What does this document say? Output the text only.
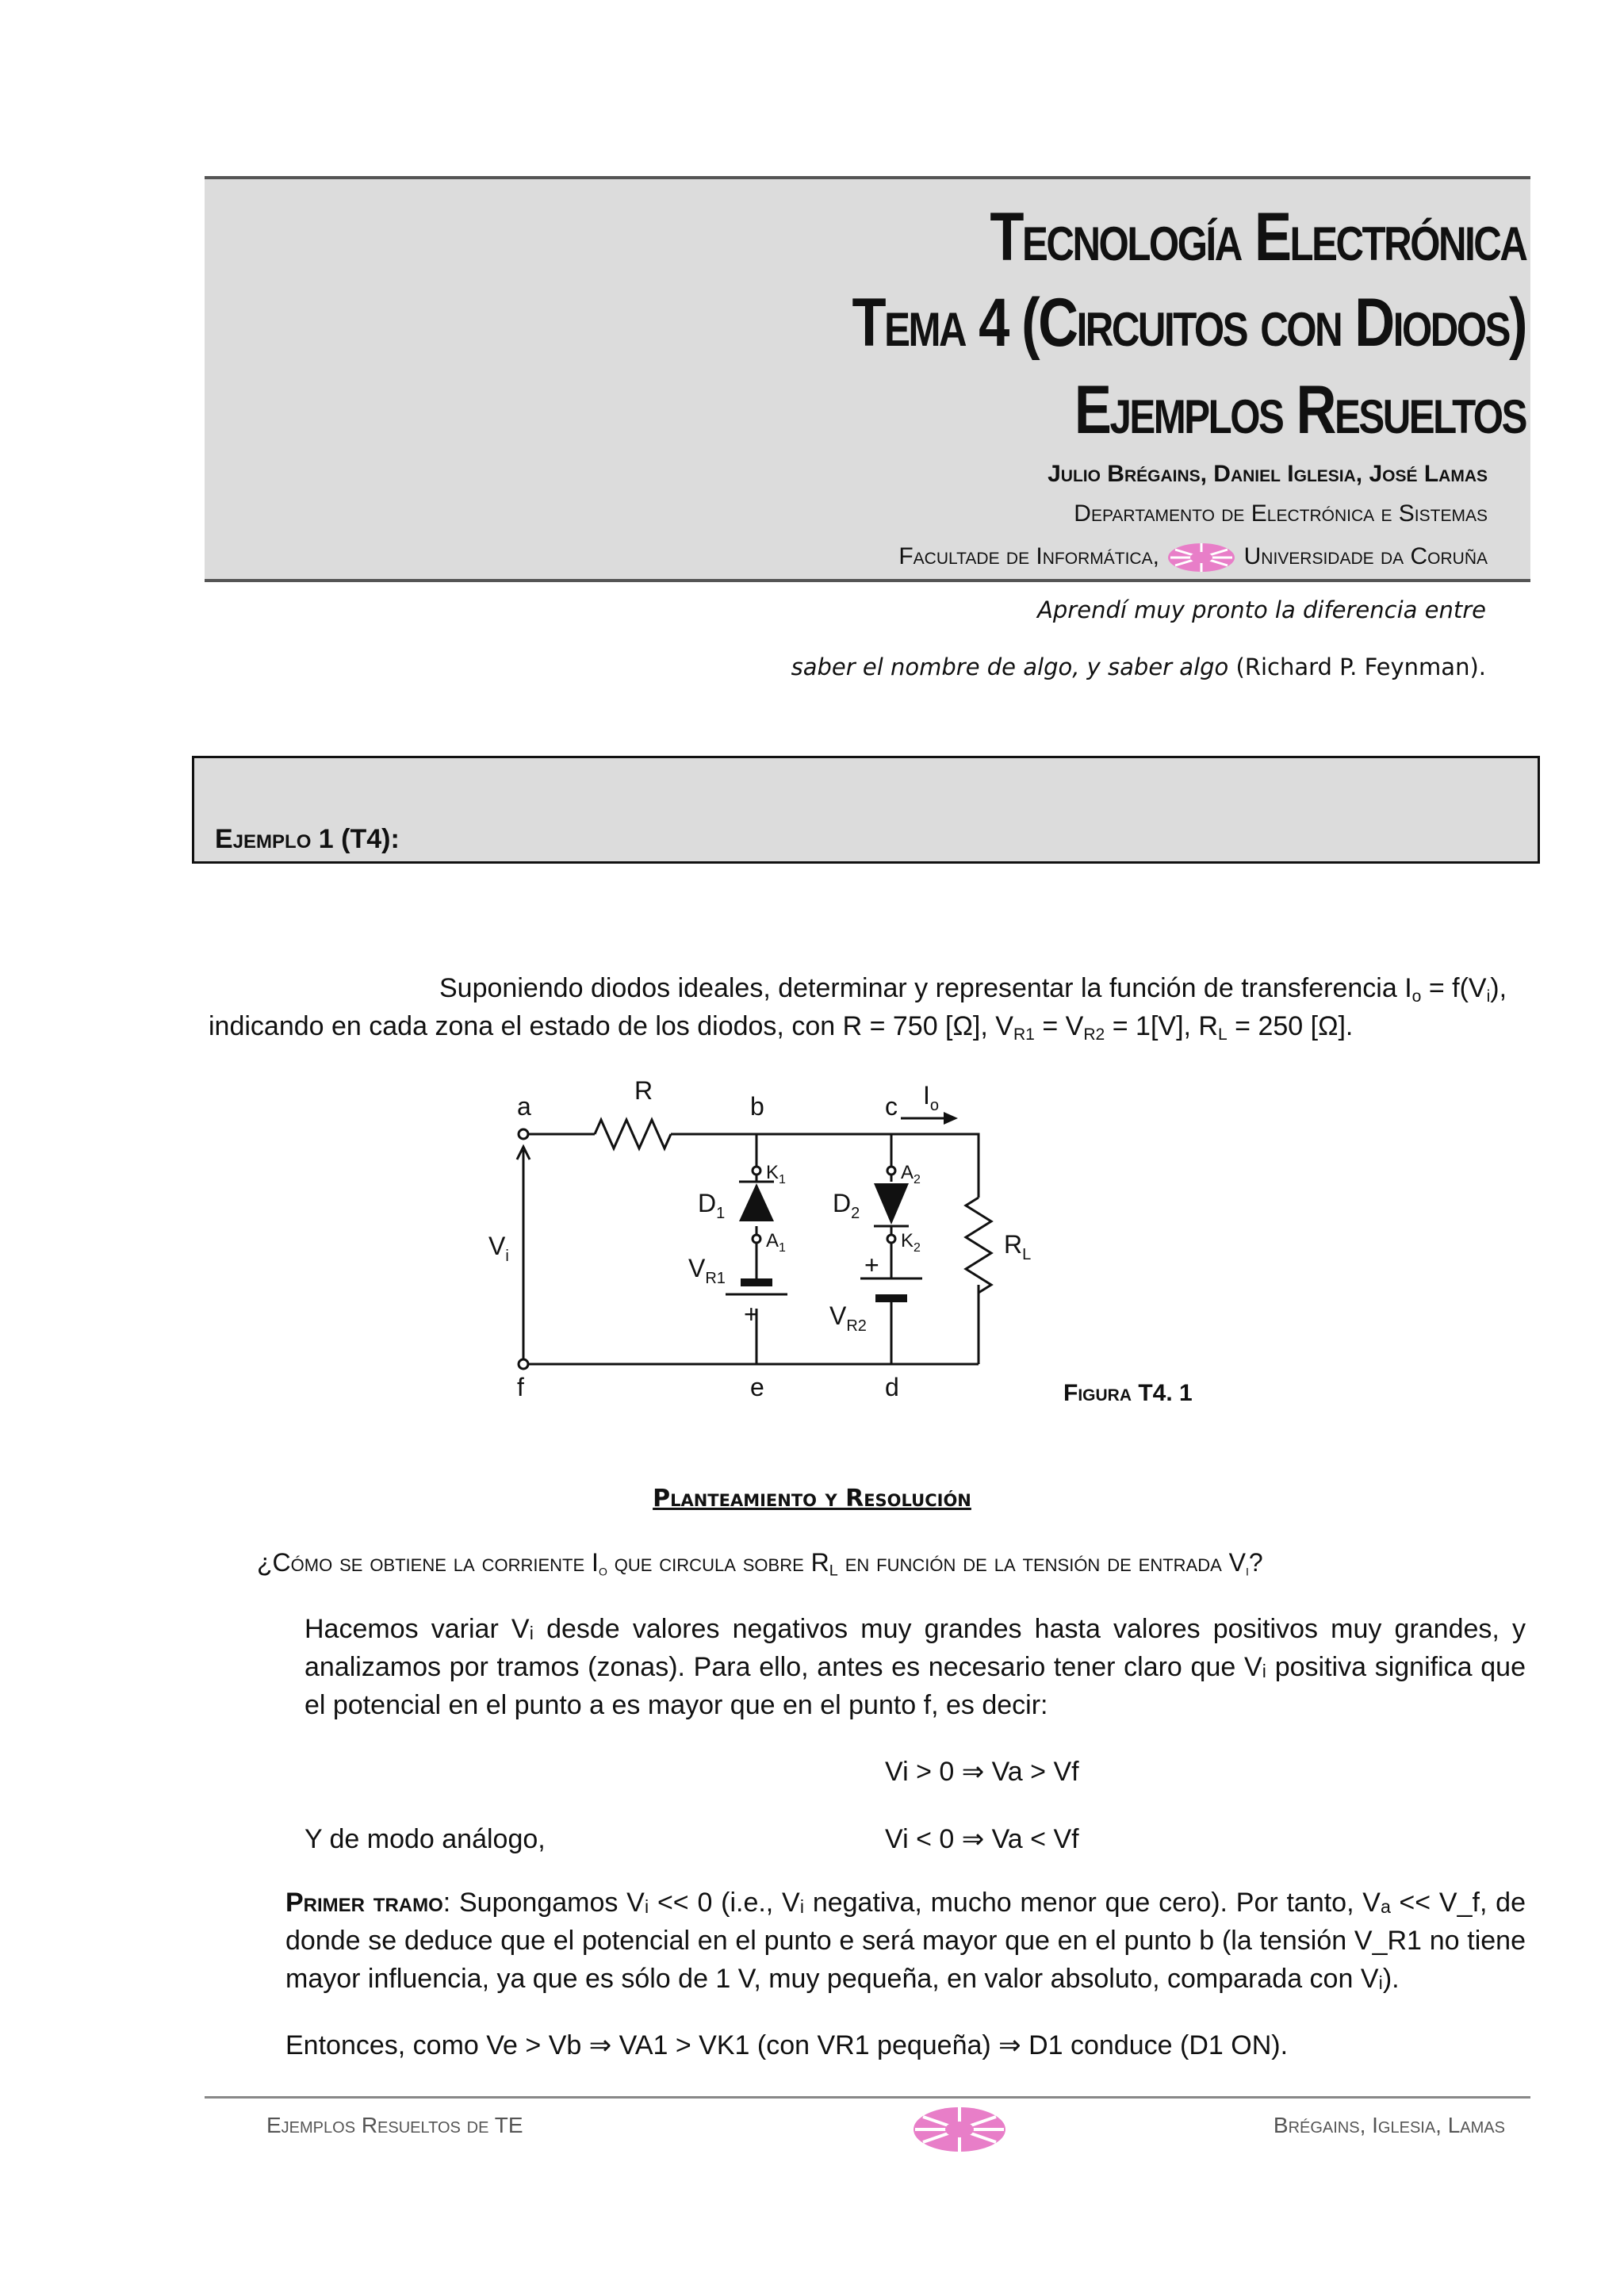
Tecnología Electrónica
Tema 4 (Circuitos con Diodos)
Ejemplos Resueltos
Julio Brégains, Daniel Iglesia, José Lamas
Departamento de Electrónica e Sistemas
Facultade de Informática,	Universidade da Coruña
Aprendí muy pronto la diferencia entre
saber el nombre de algo, y saber algo (Richard P. Feynman).
Ejemplo 1 (T4):
Suponiendo diodos ideales, determinar y representar la función de transferencia $I_o = f(V_i)$,
indicando en cada zona el estado de los diodos, con R = 750 [Ω], $V_{R1} = V_{R2} = 1[V]$, $R_L = 250$ [Ω].
a
f
b
e
c
d
R	$I_o$
$V_i$
$D_1$	$D_2$
$K_1$
$A_1$
$A_2$
$K_2$
$V_{R1}$
$V_{R2}$
+
+
$R_L$
Figura T4. 1
Planteamiento y Resolución
¿Cómo se obtiene la corriente $I_o$ que circula sobre $R_L$ en función de la tensión de entrada $V_i$?
Hacemos variar Vᵢ desde valores negativos muy grandes hasta valores positivos muy grandes, y analizamos por tramos (zonas). Para ello, antes es necesario tener claro que Vᵢ positiva significa que el potencial en el punto a es mayor que en el punto f, es decir:
Vi > 0 ⇒ Va > Vf
Y de modo análogo,	Vi < 0 ⇒ Va < Vf
Primer tramo: Supongamos Vᵢ << 0 (i.e., Vᵢ negativa, mucho menor que cero). Por tanto, Vₐ << V_f, de donde se deduce que el potencial en el punto e será mayor que en el punto b (la tensión V_R1 no tiene mayor influencia, ya que es sólo de 1 V, muy pequeña, en valor absoluto, comparada con Vᵢ).
Entonces, como Ve > Vb ⇒ VA1 > VK1 (con VR1 pequeña) ⇒ D1 conduce (D1 ON).
Ejemplos Resueltos de TE	Brégains, Iglesia, Lamas
